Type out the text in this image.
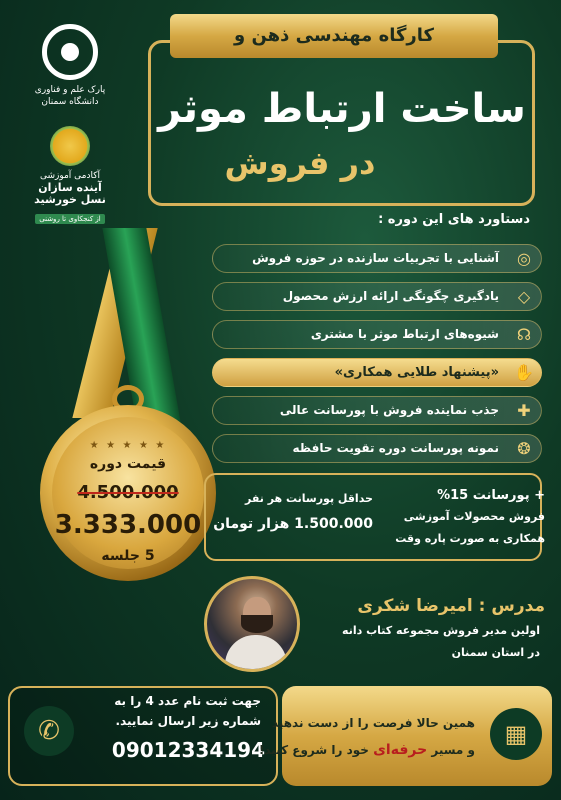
پارک علم و فناوری
دانشگاه سمنان
آکادمی آموزشی
آینده سازان
نسل خورشید
از کنجکاوی تا روشنی
کارگاه مهندسی ذهن و
ساخت ارتباط موثر
در فروش
دستاورد های این دوره :
◎
آشنایی با تجربیات سازنده در حوزه فروش
◇
یادگیری چگونگی ارائه ارزش محصول
☊
شیوه‌های ارتباط موثر با مشتری
✋
«پیشنهاد طلایی همکاری»
✚
جذب نماینده فروش با پورسانت عالی
❂
نمونه پورسانت دوره تقویت حافظه
★ ★ ★ ★ ★
قیمت دوره
4.500.000
3.333.000
5 جلسه
+ پورسانت 15%
فروش محصولات آموزشی
همکاری به صورت پاره وقت
حداقل پورسانت هر نفر
1.500.000 هزار تومان
مدرس : امیرضا شکری
اولین مدیر فروش مجموعه کتاب دانه
در استان سمنان
✆
جهت ثبت نام عدد 4 را به
شماره زیر ارسال نمایید.
09012334194
▦
همین حالا فرصت را از دست ندهید
و مسیر حرفه‌ای خود را شروع کنید!
